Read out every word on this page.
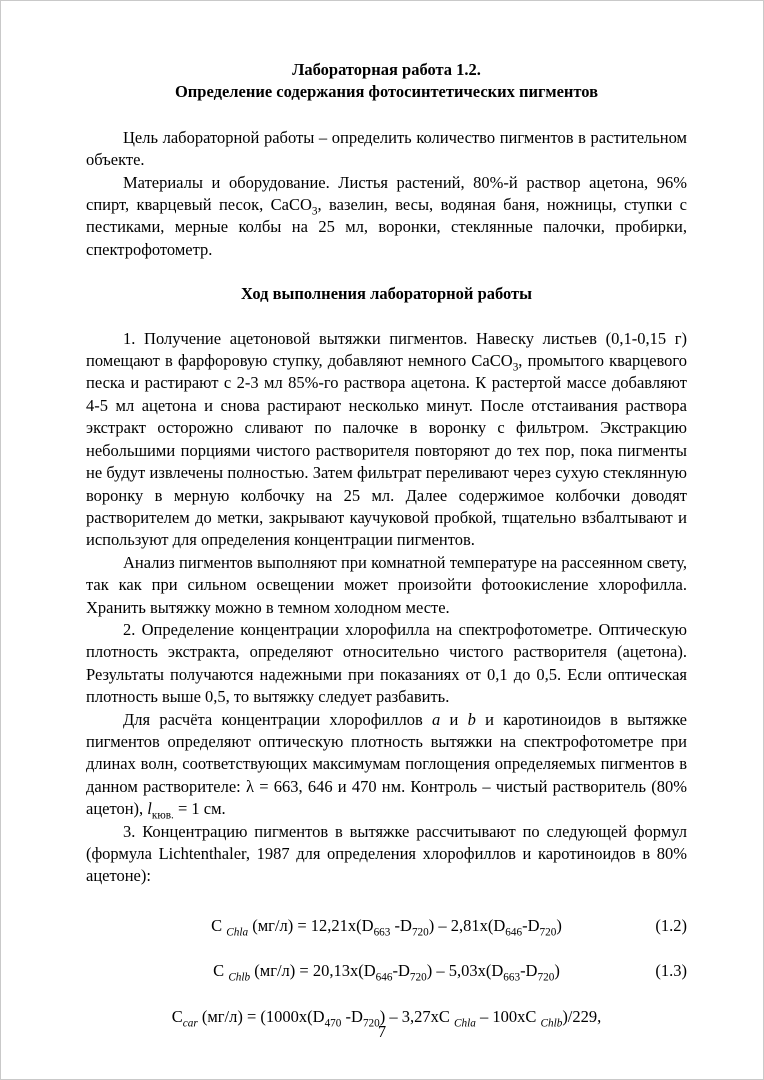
Лабораторная работа 1.2.
Определение содержания фотосинтетических пигментов

Цель лабораторной работы – определить количество пигментов в растительном объекте.

Материалы и оборудование. Листья растений, 80%-й раствор ацетона, 96% спирт, кварцевый песок, CaCO$_3$, вазелин, весы, водяная баня, ножницы, ступки с пестиками, мерные колбы на 25 мл, воронки, стеклянные палочки, пробирки, спектрофотометр.

Ход выполнения лабораторной работы

1. Получение ацетоновой вытяжки пигментов. Навеску листьев (0,1-0,15 г) помещают в фарфоровую ступку, добавляют немного CaCO$_3$, промытого кварцевого песка и растирают с 2-3 мл 85%-го раствора ацетона. К растертой массе добавляют 4-5 мл ацетона и снова растирают несколько минут. После отстаивания раствора экстракт осторожно сливают по палочке в воронку с фильтром. Экстракцию небольшими порциями чистого растворителя повторяют до тех пор, пока пигменты не будут извлечены полностью. Затем фильтрат переливают через сухую стеклянную воронку в мерную колбочку на 25 мл. Далее содержимое колбочки доводят растворителем до метки, закрывают каучуковой пробкой, тщательно взбалтывают и используют для определения концентрации пигментов.

Анализ пигментов выполняют при комнатной температуре на рассеянном свету, так как при сильном освещении может произойти фотоокисление хлорофилла. Хранить вытяжку можно в темном холодном месте.

2. Определение концентрации хлорофилла на спектрофотометре. Оптическую плотность экстракта, определяют относительно чистого растворителя (ацетона). Результаты получаются надежными при показаниях от 0,1 до 0,5. Если оптическая плотность выше 0,5, то вытяжку следует разбавить.

Для расчёта концентрации хлорофиллов a и b и каротиноидов в вытяжке пигментов определяют оптическую плотность вытяжки на спектрофотометре при длинах волн, соответствующих максимумам поглощения определяемых пигментов в данном растворителе: λ = 663, 646 и 470 нм. Контроль – чистый растворитель (80% ацетон), $l_{кюв.} = 1$ см.

3. Концентрацию пигментов в вытяжке рассчитывают по следующей формул (формула Lichtenthaler, 1987 для определения хлорофиллов и каротиноидов в 80% ацетоне):

С $_{Chla}$ $(мг/л) = 12,21х(D_{663}$ $-D_{720}) - 2,81х(D_{646}-D_{720})$	(1.2)
С $_{Chlb}$ $(мг/л) = 20,13х(D_{646}-D_{720}) - 5,03х(D_{663}-D_{720})$	(1.3)
$С_{car}$ $(мг/л) = (1000х(D_{470}$ $-D_{720}) - 3,27хС$ $_{Chla}$ – 100хС $_{Chlb}$)/229,
7
